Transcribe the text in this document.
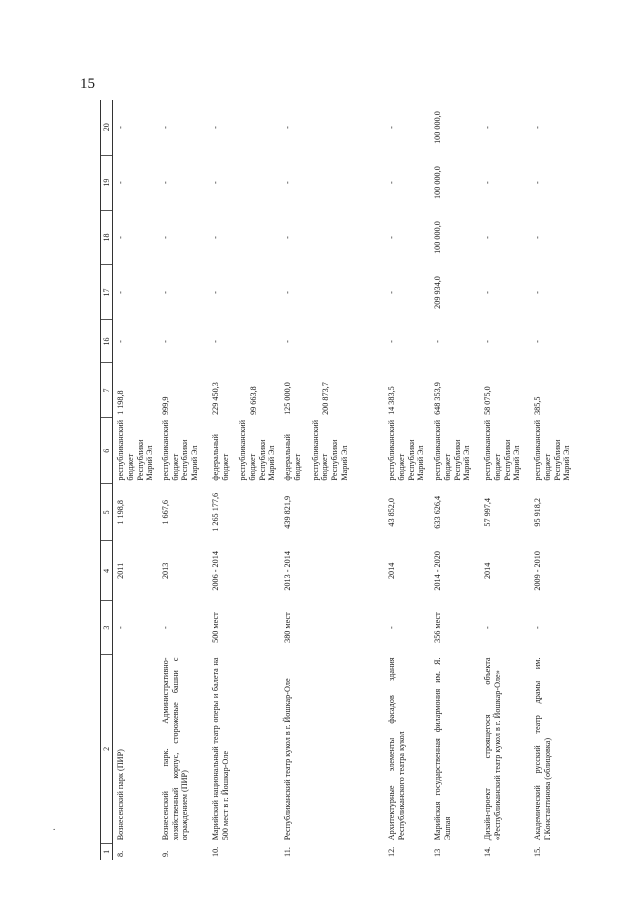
15
.
1	2	3	4	5	6	7	16	17	18	19	20
8.	Вознесенский парк (ПИР)	-	2011	1 198,8	республиканский бюджет Республики Марий Эл	1 198,8	-	-	-	-	-
9.	Вознесенский парк. Административно-хозяйственный корпус, сторожевые башни с ограждением (ПИР)	-	2013	1 667,6	республиканский бюджет Республики Марий Эл	999,9	-	-	-	-	-
10.	Марийский национальный театр оперы и балета на 500 мест в г. Йошкар-Оле	500 мест	2006 - 2014	1 265 177,6	федеральный бюджет республиканский бюджет Республики Марий Эл	229 450,3 99 663,8	-	-	-	-	-
11.	Республиканский театр кукол в г. Йошкар-Оле	380 мест	2013 - 2014	439 821,9	федеральный бюджет республиканский бюджет Республики Марий Эл	125 000,0 200 873,7	-	-	-	-	-
12.	Архитектурные элементы фасадов здания Республиканского театра кукол	-	2014	43 852,0	республиканский бюджет Республики Марий Эл	14 383,5	-	-	-	-	-
13	Марийская государственная филармония им. Я. Эшпая	356 мест	2014 - 2020	633 626,4	республиканский бюджет Республики Марий Эл	648 353,9	-	209 934,0	100 000,0	100 000,0	100 000,0
14.	Дизайн-проект строящегося объекта «Республиканский театр кукол в г. Йошкар-Оле»	-	2014	57 997,4	республиканский бюджет Республики Марий Эл	58 075,0	-	-	-	-	-
15.	Академический русский театр драмы им. Г.Константинова (облицовка)	-	2009 - 2010	95 918,2	республиканский бюджет Республики Марий Эл	385,5	-	-	-	-	-
